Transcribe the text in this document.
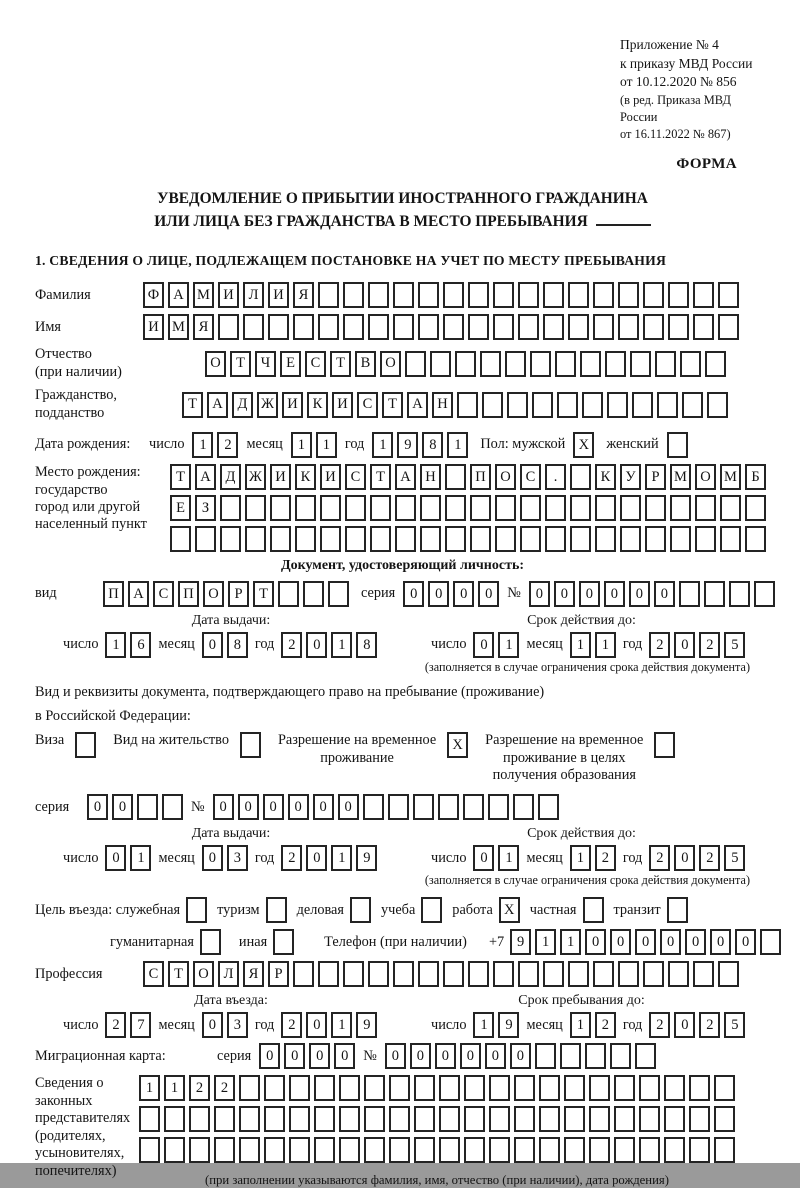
Приложение № 4
к приказу МВД России
от 10.12.2020 № 856
(в ред. Приказа МВД России
от 16.11.2022 № 867)
ФОРМА
УВЕДОМЛЕНИЕ О ПРИБЫТИИ ИНОСТРАННОГО ГРАЖДАНИНА
ИЛИ ЛИЦА БЕЗ ГРАЖДАНСТВА В МЕСТО ПРЕБЫВАНИЯ
1. СВЕДЕНИЯ О ЛИЦЕ, ПОДЛЕЖАЩЕМ ПОСТАНОВКЕ НА УЧЕТ ПО МЕСТУ ПРЕБЫВАНИЯ
Фамилия	Ф А М И	Л	И	Я
Имя	И М Я
Отчество
(при наличии)
О	Т	Ч	Е	С	Т	В	О
Гражданство,
подданство
Т	А	Д Ж И	К	И	С	Т	А	Н
Дата рождения:	число	1	2	месяц	1	1	год	1	9	8	1	Пол: мужской X	женский
Место рождения:
государство
город или другой
населенный пункт
Т	А	Д Ж И	К	И	С	Т	А	Н	П	О	С	.	К	У	Р	М О М Б
Е	З
Документ, удостоверяющий личность:
вид	П	А	С	П	О	Р	Т	серия	0	0	0	0	№	0	0	0	0	0	0
Дата выдачи:	Срок действия до:
число 1	6 месяц 0	8 год 2	0	1	8	число 0	1 месяц 1	1 год 2	0	2	5
(заполняется в случае ограничения срока действия документа)
Вид и реквизиты документа, подтверждающего право на пребывание (проживание)
в Российской Федерации:
Виза	Вид на жительство	Разрешение на временное
проживание
X	Разрешение на временное
проживание в целях
получения образования
серия	0	0	№	0	0	0	0	0	0
Дата выдачи:	Срок действия до:
число 0	1 месяц 0	3 год 2	0	1	9	число 0	1 месяц 1	2 год 2	0	2	5
(заполняется в случае ограничения срока действия документа)
Цель въезда: служебная	туризм	деловая	учеба	работа X	частная	транзит
гуманитарная	иная	Телефон (при наличии) +7 9	1	1	0	0	0	0	0	0	0
Профессия	С	Т	О	Л	Я	Р
Дата въезда:	Срок пребывания до:
число 2	7 месяц 0	3 год 2	0	1	9	число 1	9 месяц 1	2 год 2	0	2	5
Миграционная карта:	серия	0	0	0	0	№	0	0	0	0	0	0
Сведения о
законных
представителях
(родителях,
усыновителях,
попечителях)
1	1	2	2
(при заполнении указываются фамилия, имя, отчество (при наличии), дата рождения)
